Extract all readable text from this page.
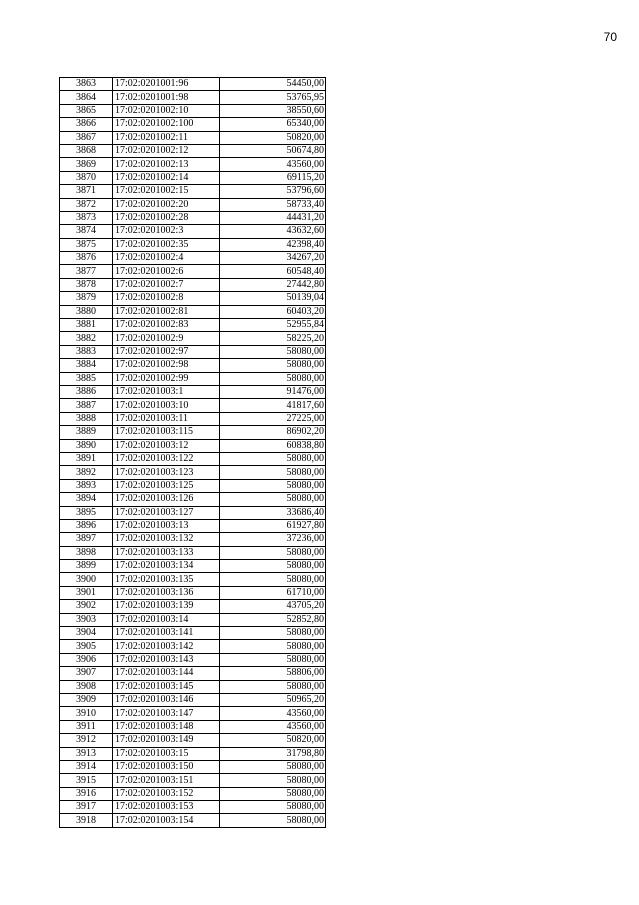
70
3863	17:02:0201001:96	54450,00
3864	17:02:0201001:98	53765,95
3865	17:02:0201002:10	38550,60
3866	17:02:0201002:100	65340,00
3867	17:02:0201002:11	50820,00
3868	17:02:0201002:12	50674,80
3869	17:02:0201002:13	43560,00
3870	17:02:0201002:14	69115,20
3871	17:02:0201002:15	53796,60
3872	17:02:0201002:20	58733,40
3873	17:02:0201002:28	44431,20
3874	17:02:0201002:3	43632,60
3875	17:02:0201002:35	42398,40
3876	17:02:0201002:4	34267,20
3877	17:02:0201002:6	60548,40
3878	17:02:0201002:7	27442,80
3879	17:02:0201002:8	50139,04
3880	17:02:0201002:81	60403,20
3881	17:02:0201002:83	52955,84
3882	17:02:0201002:9	58225,20
3883	17:02:0201002:97	58080,00
3884	17:02:0201002:98	58080,00
3885	17:02:0201002:99	58080,00
3886	17:02:0201003:1	91476,00
3887	17:02:0201003:10	41817,60
3888	17:02:0201003:11	27225,00
3889	17:02:0201003:115	86902,20
3890	17:02:0201003:12	60838,80
3891	17:02:0201003:122	58080,00
3892	17:02:0201003:123	58080,00
3893	17:02:0201003:125	58080,00
3894	17:02:0201003:126	58080,00
3895	17:02:0201003:127	33686,40
3896	17:02:0201003:13	61927,80
3897	17:02:0201003:132	37236,00
3898	17:02:0201003:133	58080,00
3899	17:02:0201003:134	58080,00
3900	17:02:0201003:135	58080,00
3901	17:02:0201003:136	61710,00
3902	17:02:0201003:139	43705,20
3903	17:02:0201003:14	52852,80
3904	17:02:0201003:141	58080,00
3905	17:02:0201003:142	58080,00
3906	17:02:0201003:143	58080,00
3907	17:02:0201003:144	58806,00
3908	17:02:0201003:145	58080,00
3909	17:02:0201003:146	50965,20
3910	17:02:0201003:147	43560,00
3911	17:02:0201003:148	43560,00
3912	17:02:0201003:149	50820,00
3913	17:02:0201003:15	31798,80
3914	17:02:0201003:150	58080,00
3915	17:02:0201003:151	58080,00
3916	17:02:0201003:152	58080,00
3917	17:02:0201003:153	58080,00
3918	17:02:0201003:154	58080,00
